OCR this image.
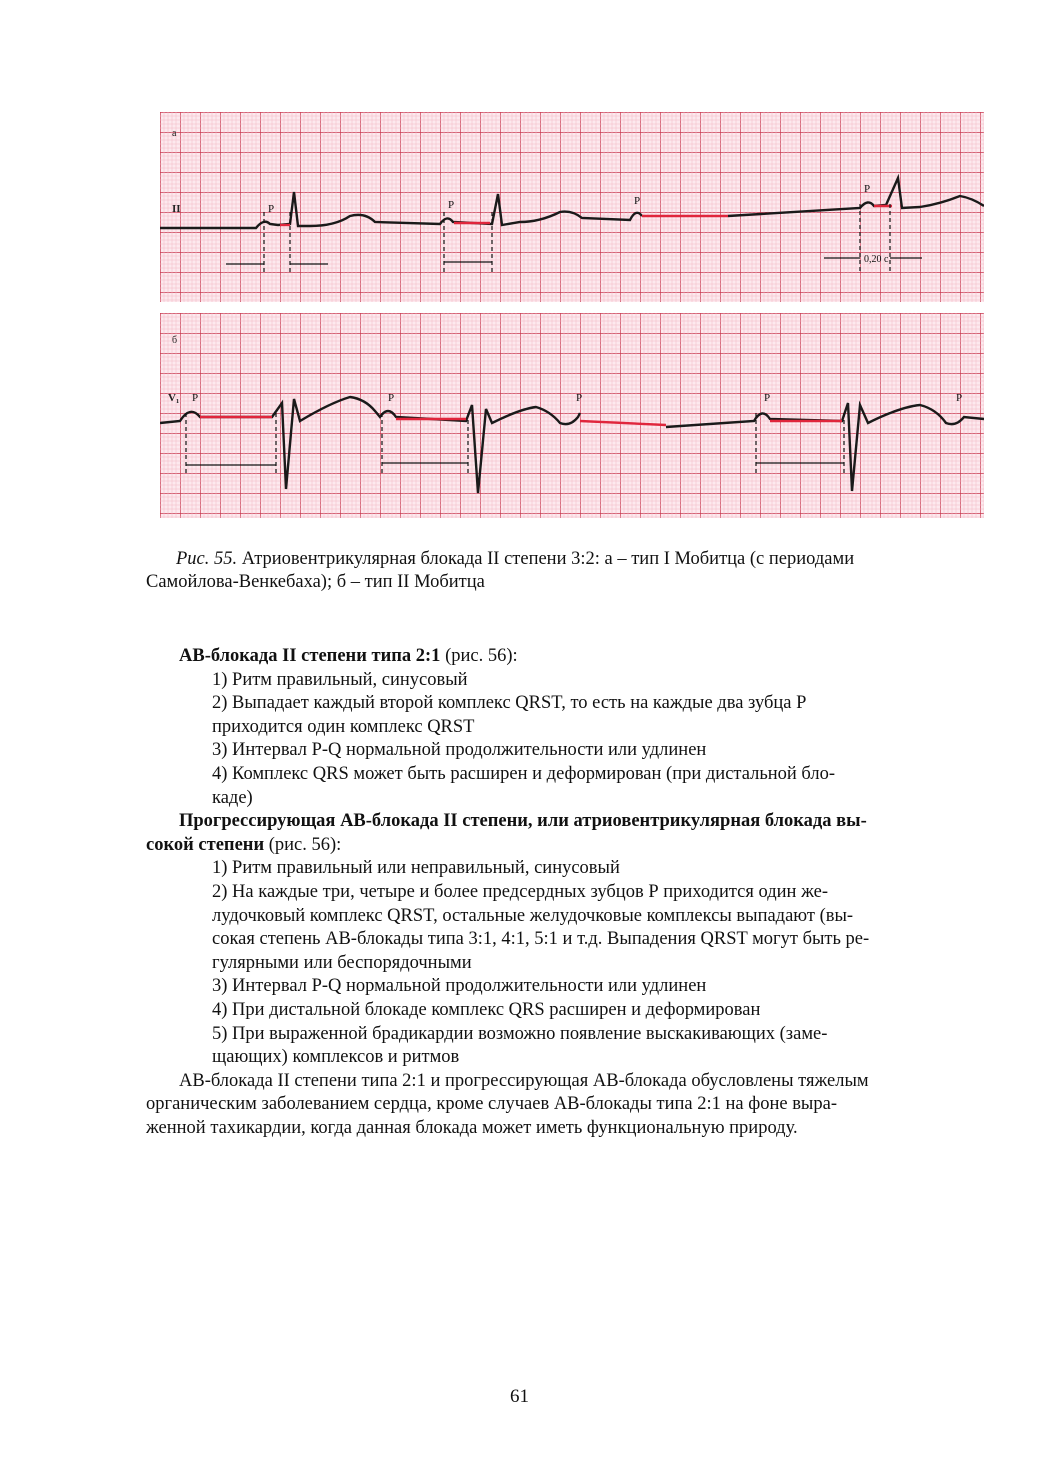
a
II	P	P	P
P
0,20 c
б
V₁ P	P	P	P	P
Рис. 55. Атриовентрикулярная блокада II степени 3:2: а – тип I Мобитца (с периодами
Самойлова-Венкебаха); б – тип II Мобитца

АВ-блокада II степени типа 2:1 (рис. 56):

1) Ритм правильный, синусовый

2) Выпадает каждый второй комплекс QRST, то есть на каждые два зубца Р

приходится один комплекс QRST

3) Интервал Р-Q нормальной продолжительности или удлинен

4) Комплекс QRS может быть расширен и деформирован (при дистальной бло-

каде)

Прогрессирующая АВ-блокада II степени, или атриовентрикулярная блокада вы-

сокой степени (рис. 56):

1) Ритм правильный или неправильный, синусовый

2) На каждые три, четыре и более предсердных зубцов Р приходится один же-

лудочковый комплекс QRST, остальные желудочковые комплексы выпадают (вы-

сокая степень АВ-блокады типа 3:1, 4:1, 5:1 и т.д. Выпадения QRST могут быть ре-

гулярными или беспорядочными

3) Интервал Р-Q нормальной продолжительности или удлинен

4) При дистальной блокаде комплекс QRS расширен и деформирован

5) При выраженной брадикардии возможно появление выскакивающих (заме-

щающих) комплексов и ритмов

АВ-блокада II степени типа 2:1 и прогрессирующая АВ-блокада обусловлены тяжелым

органическим заболеванием сердца, кроме случаев АВ-блокады типа 2:1 на фоне выра-

женной тахикардии, когда данная блокада может иметь функциональную природу.

61
